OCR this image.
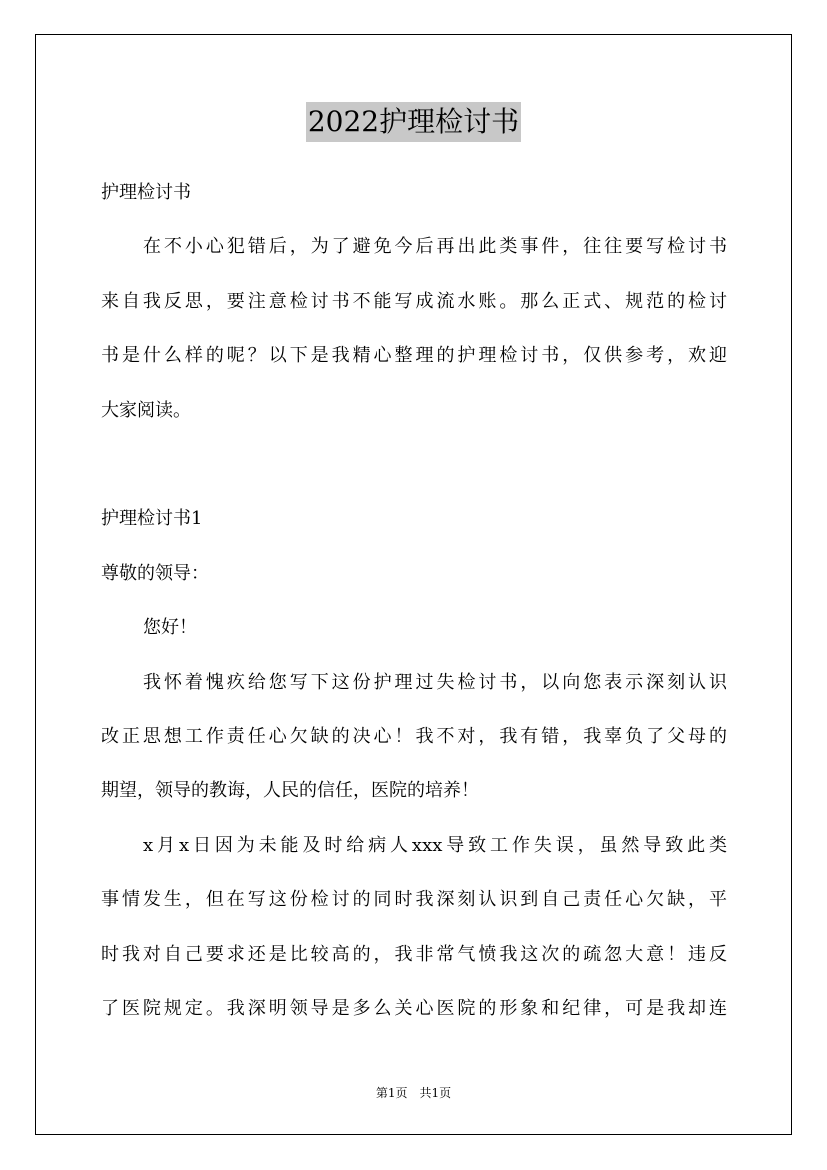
2022护理检讨书
护理检讨书
在不小心犯错后，为了避免今后再出此类事件，往往要写检讨书
来自我反思，要注意检讨书不能写成流水账。那么正式、规范的检讨
书是什么样的呢？以下是我精心整理的护理检讨书，仅供参考，欢迎
大家阅读。
护理检讨书1
尊敬的领导：
您好！
我怀着愧疚给您写下这份护理过失检讨书，以向您表示深刻认识
改正思想工作责任心欠缺的决心！我不对，我有错，我辜负了父母的
期望，领导的教诲，人民的信任，医院的培养！
x月x日因为未能及时给病人xxx导致工作失误，虽然导致此类
事情发生，但在写这份检讨的同时我深刻认识到自己责任心欠缺，平
时我对自己要求还是比较高的，我非常气愤我这次的疏忽大意！违反
了医院规定。我深明领导是多么关心医院的形象和纪律，可是我却连
第1页 共1页
